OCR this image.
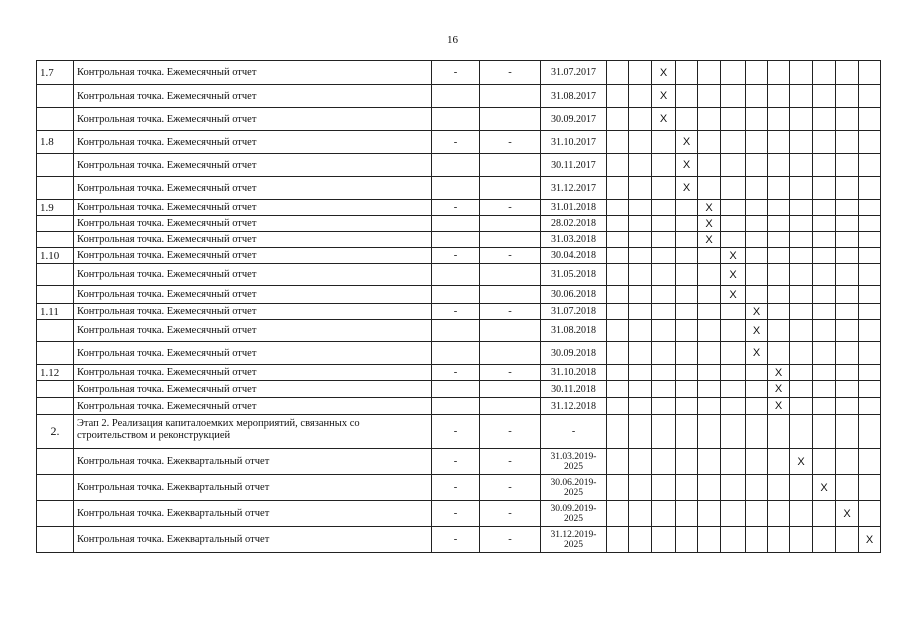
16
1.7	Контрольная точка. Ежемесячный отчет	-	-	31.07.2017			X									
	Контрольная точка. Ежемесячный отчет			31.08.2017			X									
	Контрольная точка. Ежемесячный отчет			30.09.2017			X									
1.8	Контрольная точка. Ежемесячный отчет	-	-	31.10.2017				X								
	Контрольная точка. Ежемесячный отчет			30.11.2017				X								
	Контрольная точка. Ежемесячный отчет			31.12.2017				X								
1.9	Контрольная точка. Ежемесячный отчет	-	-	31.01.2018					X							
	Контрольная точка. Ежемесячный отчет			28.02.2018					X							
	Контрольная точка. Ежемесячный отчет			31.03.2018					X							
1.10	Контрольная точка. Ежемесячный отчет	-	-	30.04.2018						X						
	Контрольная точка. Ежемесячный отчет			31.05.2018						X						
	Контрольная точка. Ежемесячный отчет			30.06.2018						X						
1.11	Контрольная точка. Ежемесячный отчет	-	-	31.07.2018							X					
	Контрольная точка. Ежемесячный отчет			31.08.2018							X					
	Контрольная точка. Ежемесячный отчет			30.09.2018							X					
1.12	Контрольная точка. Ежемесячный отчет	-	-	31.10.2018								X				
	Контрольная точка. Ежемесячный отчет			30.11.2018								X				
	Контрольная точка. Ежемесячный отчет			31.12.2018								X				
2.	Этап 2. Реализация капиталоемких мероприятий, связанных со строительством и реконструкцией	-	-	-												
	Контрольная точка. Ежеквартальный отчет	-	-	31.03.2019-2025									X			
	Контрольная точка. Ежеквартальный отчет	-	-	30.06.2019-2025										X		
	Контрольная точка. Ежеквартальный отчет	-	-	30.09.2019-2025											X	
	Контрольная точка. Ежеквартальный отчет	-	-	31.12.2019-2025												X
